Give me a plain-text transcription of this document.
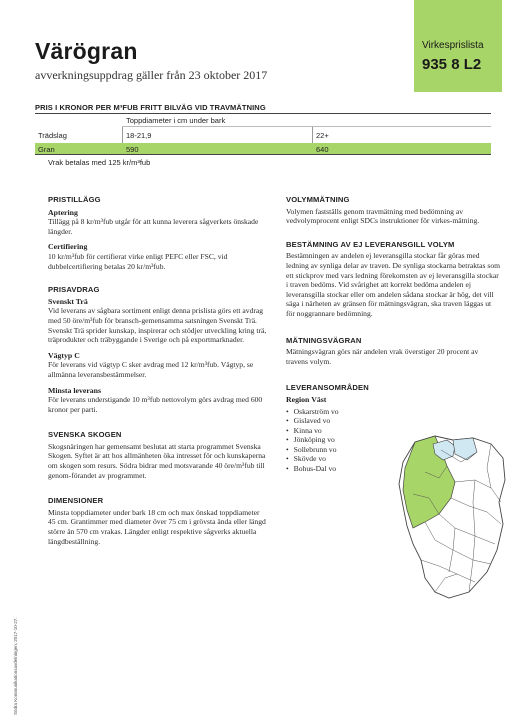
Värögran
avverkningsuppdrag gäller från 23 oktober 2017
Virkesprislista
935 8 L2
PRIS I KRONOR PER M³FUB FRITT BILVÄG VID TRAVMÄTNING
Toppdiameter i cm under bark
Trädslag	18-21,9	22+
Gran	590	640
Vrak betalas med 125 kr/m³fub
PRISTILLÄGG
Aptering
Tillägg på 8 kr/m³fub utgår för att kunna leverera sågverkets önskade längder.
Certifiering
10 kr/m³fub för certifierat virke enligt PEFC eller FSC, vid dubbelcertifiering betalas 20 kr/m³fub.
PRISAVDRAG
Svenskt Trä
Vid leverans av sågbara sortiment enligt denna prislista görs ett avdrag med 50 öre/m³fub för bransch-gemensamma satsningen Svenskt Trä. Svenskt Trä sprider kunskap, inspirerar och stödjer utveckling kring trä, träprodukter och träbyggande i Sverige och på exportmarknader.
Vägtyp C
För leverans vid vägtyp C sker avdrag med 12 kr/m³fub. Vägtyp, se allmänna leveransbestämmelser.
Minsta leverans
För leverans understigande 10 m³fub nettovolym görs avdrag med 600 kronor per parti.
SVENSKA SKOGEN
Skogsnäringen har gemensamt beslutat att starta programmet Svenska Skogen. Syftet är att hos allmänheten öka intresset för och kunskaperna om skogen som resurs. Södra bidrar med motsvarande 40 öre/m³fub till genom-förandet av programmet.
DIMENSIONER
Minsta toppdiameter under bark 18 cm och max önskad toppdiameter 45 cm. Grantimmer med diameter över 75 cm i grövsta ända eller längd större än 570 cm vrakas. Längder enligt respektive sågverks aktuella längdbeställning.
VOLYMMÄTNING
Volymen fastställs genom travmätning med bedömning av vedvolymprocent enligt SDCs instruktioner för virkes-mätning.
BESTÄMNING AV EJ LEVERANSGILL VOLYM
Bestämningen av andelen ej leveransgilla stockar får göras med ledning av synliga delar av traven. De synliga stockarna betraktas som ett stickprov med vars ledning förekomsten av ej leveransgilla stockar i traven bedöms. Vid svårighet att korrekt bedöma andelen ej leveransgilla stockar eller om andelen sådana stockar är hög, det vill säga i närheten av gränsen för mätningsvägran, ska traven läggas ut för noggrannare bedömning.
MÄTNINGSVÄGRAN
Mätningsvägran görs när andelen vrak överstiger 20 procent av travens volym.
LEVERANSOMRÅDEN
Region Väst
• Oskarström vo
• Gislaved vo
• Kinna vo
• Jönköping vo
• Sollebrunn vo
• Skövde vo
• Bohus-Dal vo
Södra Kommunikationsavdelningen, 2017-10-27.
